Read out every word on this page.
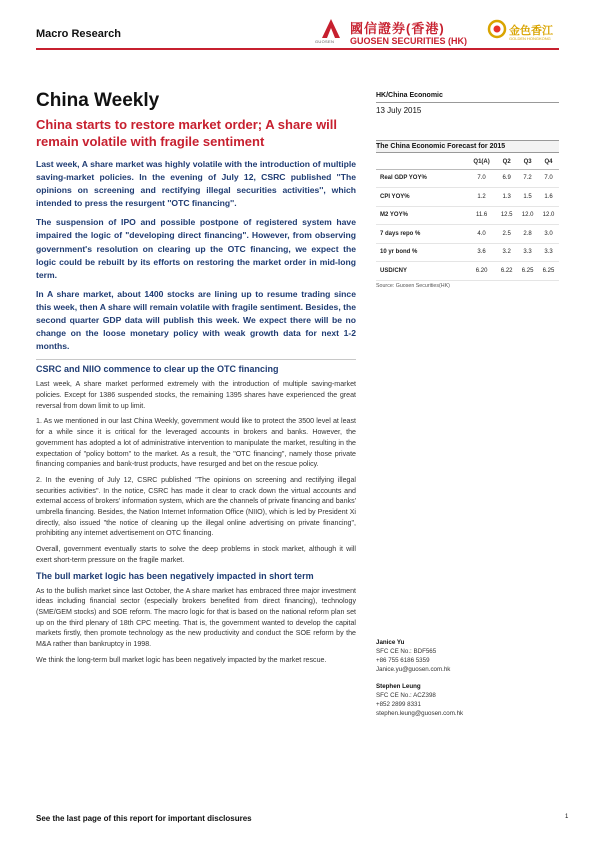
Macro Research
GUOSEN
國信證券(香港)
GUOSEN SECURITIES (HK)
金色香江
GOLDEN HONGKONG
China Weekly
China starts to restore market order; A share will remain volatile with fragile sentiment

Last week, A share market was highly volatile with the introduction of multiple saving-market policies. In the evening of July 12, CSRC published ''The opinions on screening and rectifying illegal securities activities'', which intended to press the resurgent ''OTC financing''.

The suspension of IPO and possible postpone of registered system have impaired the logic of "developing direct financing". However, from observing government's resolution on clearing up the OTC financing, we expect the logic could be rebuilt by its efforts on restoring the market order in mid-long term.

In A share market, about 1400 stocks are lining up to resume trading since this week, then A share will remain volatile with fragile sentiment. Besides, the second quarter GDP data will publish this week. We expect there will be no change on the loose monetary policy with weak growth data for next 1-2 months.

CSRC and NIIO commence to clear up the OTC financing

Last week, A share market performed extremely with the introduction of multiple saving-market policies. Except for 1386 suspended stocks, the remaining 1395 shares have experienced the great reversal from down limit to up limit.

1. As we mentioned in our last China Weekly, government would like to protect the 3500 level at least for a while since it is critical for the leveraged accounts in brokers and banks. However, the government has adopted a lot of administrative intervention to manipulate the market, resulting in the expectation of "policy bottom" to the market. As a result, the "OTC financing", namely those private financing companies and bank-trust products, have resurged and bet on the rescue policy.

2. In the evening of July 12, CSRC published "The opinions on screening and rectifying illegal securities activities". In the notice, CSRC has made it clear to crack down the virtual accounts and external access of brokers' information system, which are the channels of private financing and banks' umbrella financing. Besides, the Nation Internet Information Office (NIIO), which is led by President Xi directly, also issued "the notice of cleaning up the illegal online advertising on private financing", prohibiting any internet advertisement on OTC financing.

Overall, government eventually starts to solve the deep problems in stock market, although it will exert short-term pressure on the fragile market.

The bull market logic has been negatively impacted in short term

As to the bullish market since last October, the A share market has embraced three major investment ideas including financial sector (especially brokers benefited from direct financing), technology (SME/GEM stocks) and SOE reform. The macro logic for that is based on the national reform plan set up on the third plenary of 18th CPC meeting. That is, the government wanted to develop the capital markets firstly, then promote technology as the new productivity and conduct the SOE reform by the M&A rather than bankruptcy in 1998.

We think the long-term bull market logic has been negatively impacted by the market rescue.

HK/China Economic
13 July 2015
The China Economic Forecast for 2015
	Q1(A)	Q2	Q3	Q4
Real GDP YOY%	7.0	6.9	7.2	7.0
CPI YOY%	1.2	1.3	1.5	1.6
M2 YOY%	11.6	12.5	12.0	12.0
7 days repo %	4.0	2.5	2.8	3.0
10 yr bond %	3.6	3.2	3.3	3.3
USD/CNY	6.20	6.22	6.25	6.25
Source: Guosen Securities(HK)
Janice Yu
SFC CE No.: BDF565
+86 755 6186 5359
Janice.yu@guosen.com.hk
Stephen Leung
SFC CE No.: ACZ398
+852 2899 8331
stephen.leung@guosen.com.hk
See the last page of this report for important disclosures	1
